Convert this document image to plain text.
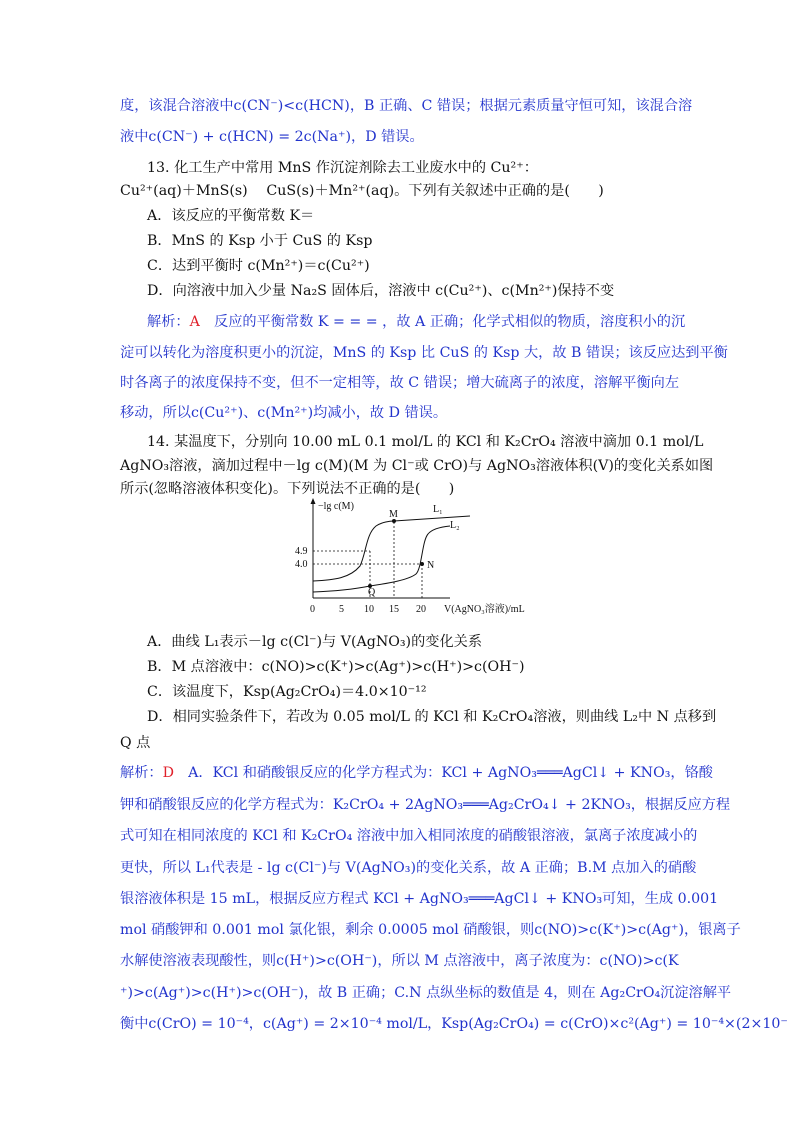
度，该混合溶液中c(CN⁻)<c(HCN)，B 正确、C 错误；根据元素质量守恒可知，该混合溶
液中c(CN⁻) + c(HCN) = 2c(Na⁺)，D 错误。
13. 化工生产中常用 MnS 作沉淀剂除去工业废水中的 Cu²⁺：
Cu²⁺(aq)＋MnS(s)　 CuS(s)＋Mn²⁺(aq)。下列有关叙述中正确的是(　　)
A．该反应的平衡常数 K＝
B．MnS 的 Ksp 小于 CuS 的 Ksp
C．达到平衡时 c(Mn²⁺)＝c(Cu²⁺)
D．向溶液中加入少量 Na₂S 固体后，溶液中 c(Cu²⁺)、c(Mn²⁺)保持不变
解析：A　 反应的平衡常数 K = = = ，故 A 正确；化学式相似的物质，溶度积小的沉
淀可以转化为溶度积更小的沉淀，MnS 的 Ksp 比 CuS 的 Ksp 大，故 B 错误；该反应达到平衡
时各离子的浓度保持不变，但不一定相等，故 C 错误；增大硫离子的浓度，溶解平衡向左
移动，所以c(Cu²⁺)、c(Mn²⁺)均减小，故 D 错误。
14. 某温度下，分别向 10.00 mL 0.1 mol/L 的 KCl 和 K₂CrO₄ 溶液中滴加 0.1 mol/L
AgNO₃溶液，滴加过程中－lg c(M)(M 为 Cl⁻或 CrO)与 AgNO₃溶液体积(V)的变化关系如图
所示(忽略溶液体积变化)。下列说法不正确的是(　　)
−lg c(M)
M
N
Q
L₁
L₂
4.9
4.0
0 5 10 15 20 V(AgNO₃溶液)/mL
A．曲线 L₁表示－lg c(Cl⁻)与 V(AgNO₃)的变化关系
B．M 点溶液中：c(NO)>c(K⁺)>c(Ag⁺)>c(H⁺)>c(OH⁻)
C．该温度下，Ksp(Ag₂CrO₄)＝4.0×10⁻¹²
D．相同实验条件下，若改为 0.05 mol/L 的 KCl 和 K₂CrO₄溶液，则曲线 L₂中 N 点移到
Q 点
解析：D　 A．KCl 和硝酸银反应的化学方程式为：KCl + AgNO₃═══AgCl↓ + KNO₃，铬酸
钾和硝酸银反应的化学方程式为：K₂CrO₄ + 2AgNO₃═══Ag₂CrO₄↓ + 2KNO₃，根据反应方程
式可知在相同浓度的 KCl 和 K₂CrO₄ 溶液中加入相同浓度的硝酸银溶液，氯离子浓度减小的
更快，所以 L₁代表是 - lg c(Cl⁻)与 V(AgNO₃)的变化关系，故 A 正确；B.M 点加入的硝酸
银溶液体积是 15 mL，根据反应方程式 KCl + AgNO₃═══AgCl↓ + KNO₃可知，生成 0.001
mol 硝酸钾和 0.001 mol 氯化银，剩余 0.0005 mol 硝酸银，则c(NO)>c(K⁺)>c(Ag⁺)，银离子
水解使溶液表现酸性，则c(H⁺)>c(OH⁻)，所以 M 点溶液中，离子浓度为：c(NO)>c(K
⁺)>c(Ag⁺)>c(H⁺)>c(OH⁻)，故 B 正确；C.N 点纵坐标的数值是 4，则在 Ag₂CrO₄沉淀溶解平
衡中c(CrO) = 10⁻⁴，c(Ag⁺) = 2×10⁻⁴ mol/L，Ksp(Ag₂CrO₄) = c(CrO)×c²(Ag⁺) = 10⁻⁴×(2×10⁻
